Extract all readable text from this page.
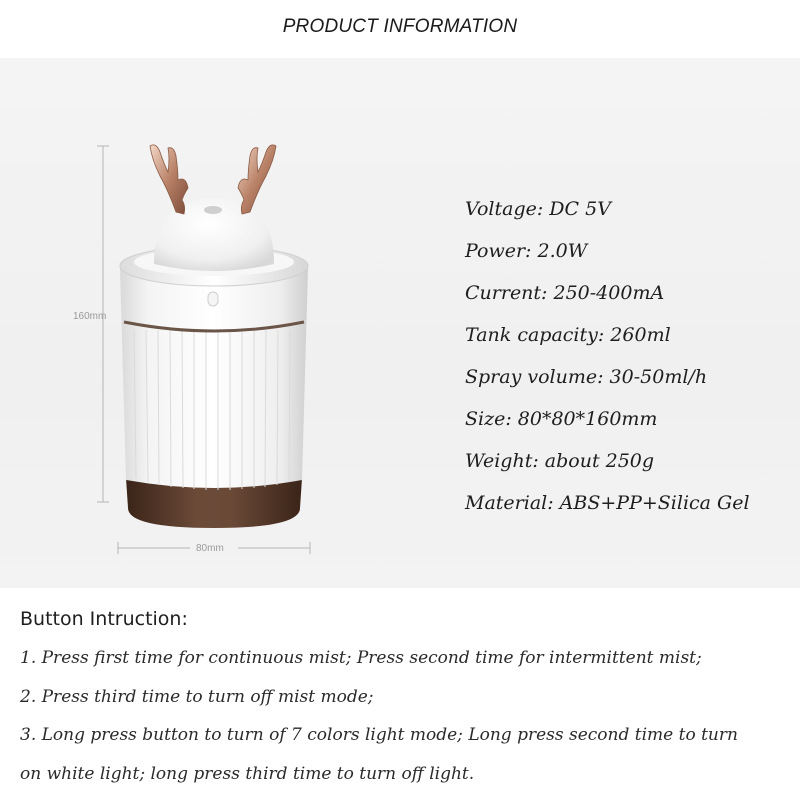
PRODUCT INFORMATION
160mm
80mm
Voltage: DC 5V
Power: 2.0W
Current: 250-400mA
Tank capacity: 260ml
Spray volume: 30-50ml/h
Size: 80*80*160mm
Weight: about 250g
Material: ABS+PP+Silica Gel
Button Intruction:
1. Press first time for continuous mist; Press second time for intermittent mist;
2. Press third time to turn off mist mode;
3. Long press button to turn of 7 colors light mode; Long press second time to turn
on white light; long press third time to turn off light.
